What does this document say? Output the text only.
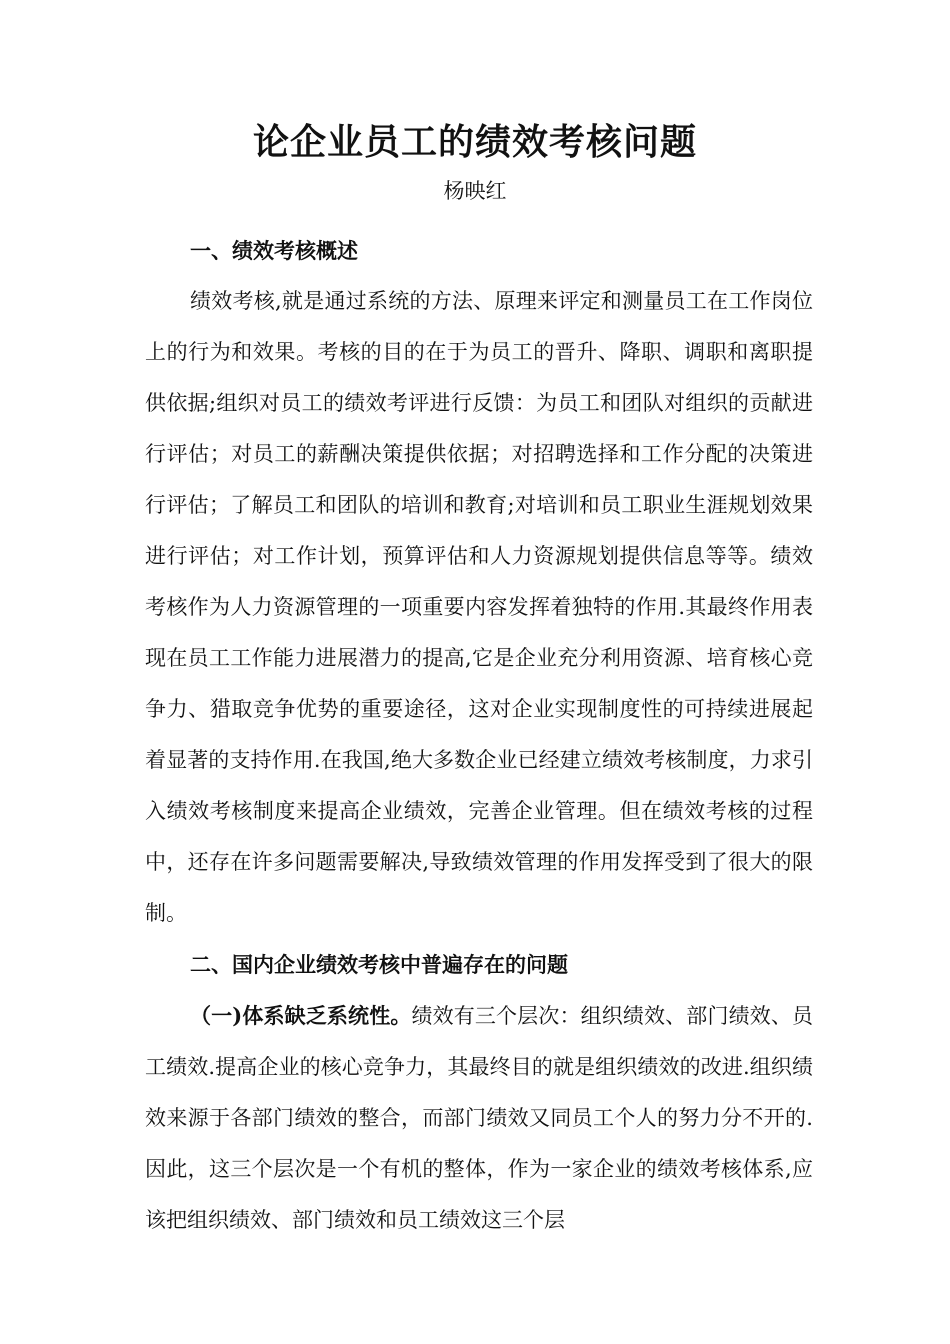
论企业员工的绩效考核问题
杨映红

一、绩效考核概述

绩效考核,就是通过系统的方法、原理来评定和测量员工在工作岗位上的行为和效果。考核的目的在于为员工的晋升、降职、调职和离职提供依据;组织对员工的绩效考评进行反馈：为员工和团队对组织的贡献进行评估；对员工的薪酬决策提供依据；对招聘选择和工作分配的决策进行评估；了解员工和团队的培训和教育;对培训和员工职业生涯规划效果进行评估；对工作计划，预算评估和人力资源规划提供信息等等。绩效考核作为人力资源管理的一项重要内容发挥着独特的作用.其最终作用表现在员工工作能力进展潜力的提高,它是企业充分利用资源、培育核心竞争力、猎取竞争优势的重要途径，这对企业实现制度性的可持续进展起着显著的支持作用.在我国,绝大多数企业已经建立绩效考核制度，力求引入绩效考核制度来提高企业绩效，完善企业管理。但在绩效考核的过程中，还存在许多问题需要解决,导致绩效管理的作用发挥受到了很大的限制。

二、国内企业绩效考核中普遍存在的问题

（一)体系缺乏系统性。绩效有三个层次：组织绩效、部门绩效、员工绩效.提高企业的核心竞争力，其最终目的就是组织绩效的改进.组织绩效来源于各部门绩效的整合，而部门绩效又同员工个人的努力分不开的.因此，这三个层次是一个有机的整体，作为一家企业的绩效考核体系,应该把组织绩效、部门绩效和员工绩效这三个层
